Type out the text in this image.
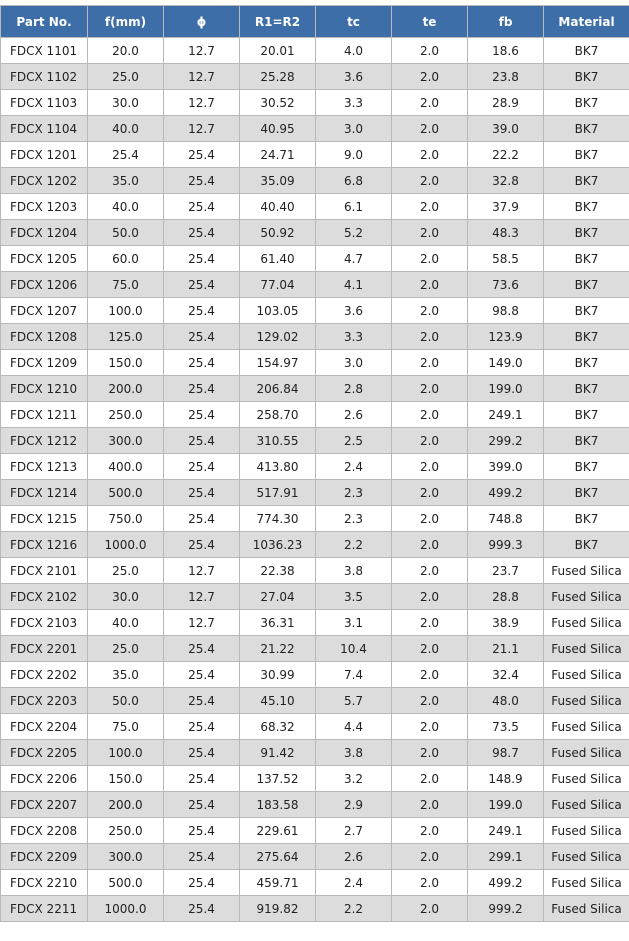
Part No.	f(mm)	ϕ	R1=R2	tc	te	fb	Material
FDCX 1101	20.0	12.7	20.01	4.0	2.0	18.6	BK7
FDCX 1102	25.0	12.7	25.28	3.6	2.0	23.8	BK7
FDCX 1103	30.0	12.7	30.52	3.3	2.0	28.9	BK7
FDCX 1104	40.0	12.7	40.95	3.0	2.0	39.0	BK7
FDCX 1201	25.4	25.4	24.71	9.0	2.0	22.2	BK7
FDCX 1202	35.0	25.4	35.09	6.8	2.0	32.8	BK7
FDCX 1203	40.0	25.4	40.40	6.1	2.0	37.9	BK7
FDCX 1204	50.0	25.4	50.92	5.2	2.0	48.3	BK7
FDCX 1205	60.0	25.4	61.40	4.7	2.0	58.5	BK7
FDCX 1206	75.0	25.4	77.04	4.1	2.0	73.6	BK7
FDCX 1207	100.0	25.4	103.05	3.6	2.0	98.8	BK7
FDCX 1208	125.0	25.4	129.02	3.3	2.0	123.9	BK7
FDCX 1209	150.0	25.4	154.97	3.0	2.0	149.0	BK7
FDCX 1210	200.0	25.4	206.84	2.8	2.0	199.0	BK7
FDCX 1211	250.0	25.4	258.70	2.6	2.0	249.1	BK7
FDCX 1212	300.0	25.4	310.55	2.5	2.0	299.2	BK7
FDCX 1213	400.0	25.4	413.80	2.4	2.0	399.0	BK7
FDCX 1214	500.0	25.4	517.91	2.3	2.0	499.2	BK7
FDCX 1215	750.0	25.4	774.30	2.3	2.0	748.8	BK7
FDCX 1216	1000.0	25.4	1036.23	2.2	2.0	999.3	BK7
FDCX 2101	25.0	12.7	22.38	3.8	2.0	23.7	Fused Silica
FDCX 2102	30.0	12.7	27.04	3.5	2.0	28.8	Fused Silica
FDCX 2103	40.0	12.7	36.31	3.1	2.0	38.9	Fused Silica
FDCX 2201	25.0	25.4	21.22	10.4	2.0	21.1	Fused Silica
FDCX 2202	35.0	25.4	30.99	7.4	2.0	32.4	Fused Silica
FDCX 2203	50.0	25.4	45.10	5.7	2.0	48.0	Fused Silica
FDCX 2204	75.0	25.4	68.32	4.4	2.0	73.5	Fused Silica
FDCX 2205	100.0	25.4	91.42	3.8	2.0	98.7	Fused Silica
FDCX 2206	150.0	25.4	137.52	3.2	2.0	148.9	Fused Silica
FDCX 2207	200.0	25.4	183.58	2.9	2.0	199.0	Fused Silica
FDCX 2208	250.0	25.4	229.61	2.7	2.0	249.1	Fused Silica
FDCX 2209	300.0	25.4	275.64	2.6	2.0	299.1	Fused Silica
FDCX 2210	500.0	25.4	459.71	2.4	2.0	499.2	Fused Silica
FDCX 2211	1000.0	25.4	919.82	2.2	2.0	999.2	Fused Silica
